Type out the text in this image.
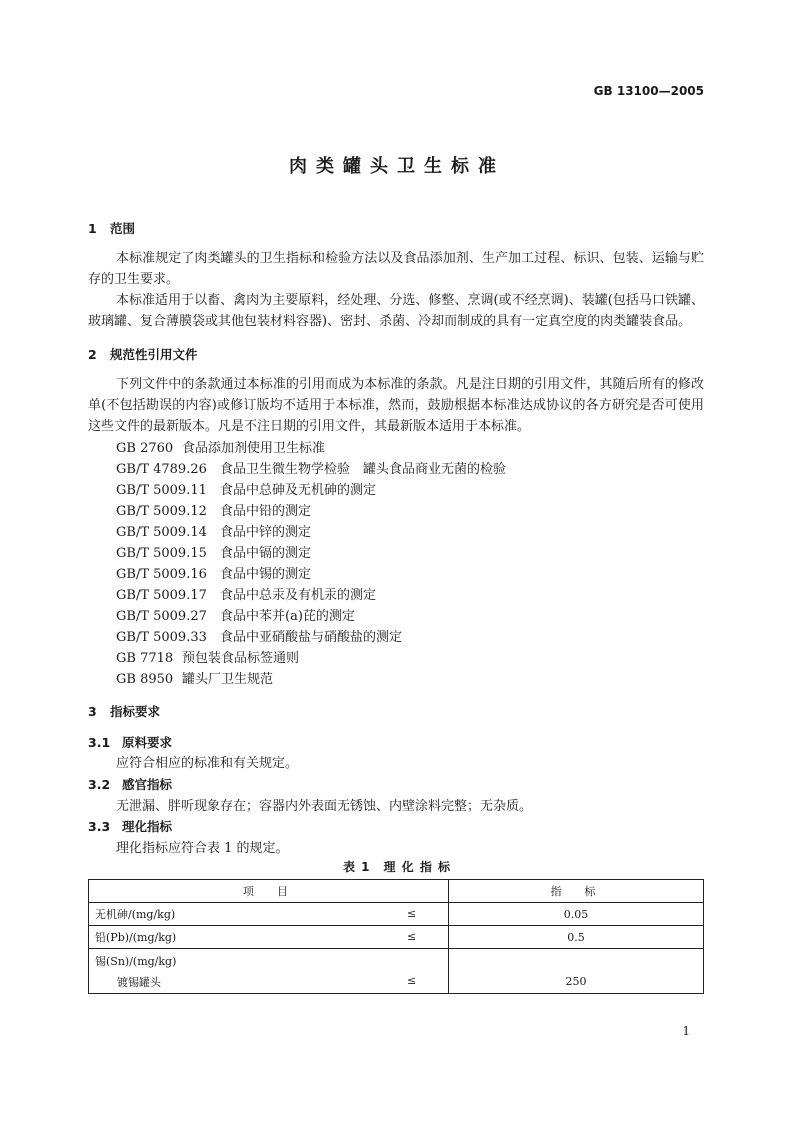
GB 13100—2005
肉类罐头卫生标准
1 范围
本标准规定了肉类罐头的卫生指标和检验方法以及食品添加剂、生产加工过程、标识、包装、运输与贮存的卫生要求。
本标准适用于以畜、禽肉为主要原料，经处理、分选、修整、烹调(或不经烹调)、装罐(包括马口铁罐、玻璃罐、复合薄膜袋或其他包装材料容器)、密封、杀菌、冷却而制成的具有一定真空度的肉类罐装食品。
2 规范性引用文件
下列文件中的条款通过本标准的引用而成为本标准的条款。凡是注日期的引用文件，其随后所有的修改单(不包括勘误的内容)或修订版均不适用于本标准，然而，鼓励根据本标准达成协议的各方研究是否可使用这些文件的最新版本。凡是不注日期的引用文件，其最新版本适用于本标准。
GB 2760 食品添加剂使用卫生标准
GB/T 4789.26 食品卫生微生物学检验　罐头食品商业无菌的检验
GB/T 5009.11 食品中总砷及无机砷的测定
GB/T 5009.12 食品中铅的测定
GB/T 5009.14 食品中锌的测定
GB/T 5009.15 食品中镉的测定
GB/T 5009.16 食品中锡的测定
GB/T 5009.17 食品中总汞及有机汞的测定
GB/T 5009.27 食品中苯并(a)芘的测定
GB/T 5009.33 食品中亚硝酸盐与硝酸盐的测定
GB 7718 预包装食品标签通则
GB 8950 罐头厂卫生规范
3 指标要求
3.1 原料要求
应符合相应的标准和有关规定。
3.2 感官指标
无泄漏、胖听现象存在；容器内外表面无锈蚀、内壁涂料完整；无杂质。
3.3 理化指标
理化指标应符合表 1 的规定。
表 1　理 化 指 标
项　目	指　标
无机砷/(mg/kg) ≤	0.05
铅(Pb)/(mg/kg) ≤	0.5

锡(Sn)/(mg/kg)
镀锡罐头 ≤	250
1
